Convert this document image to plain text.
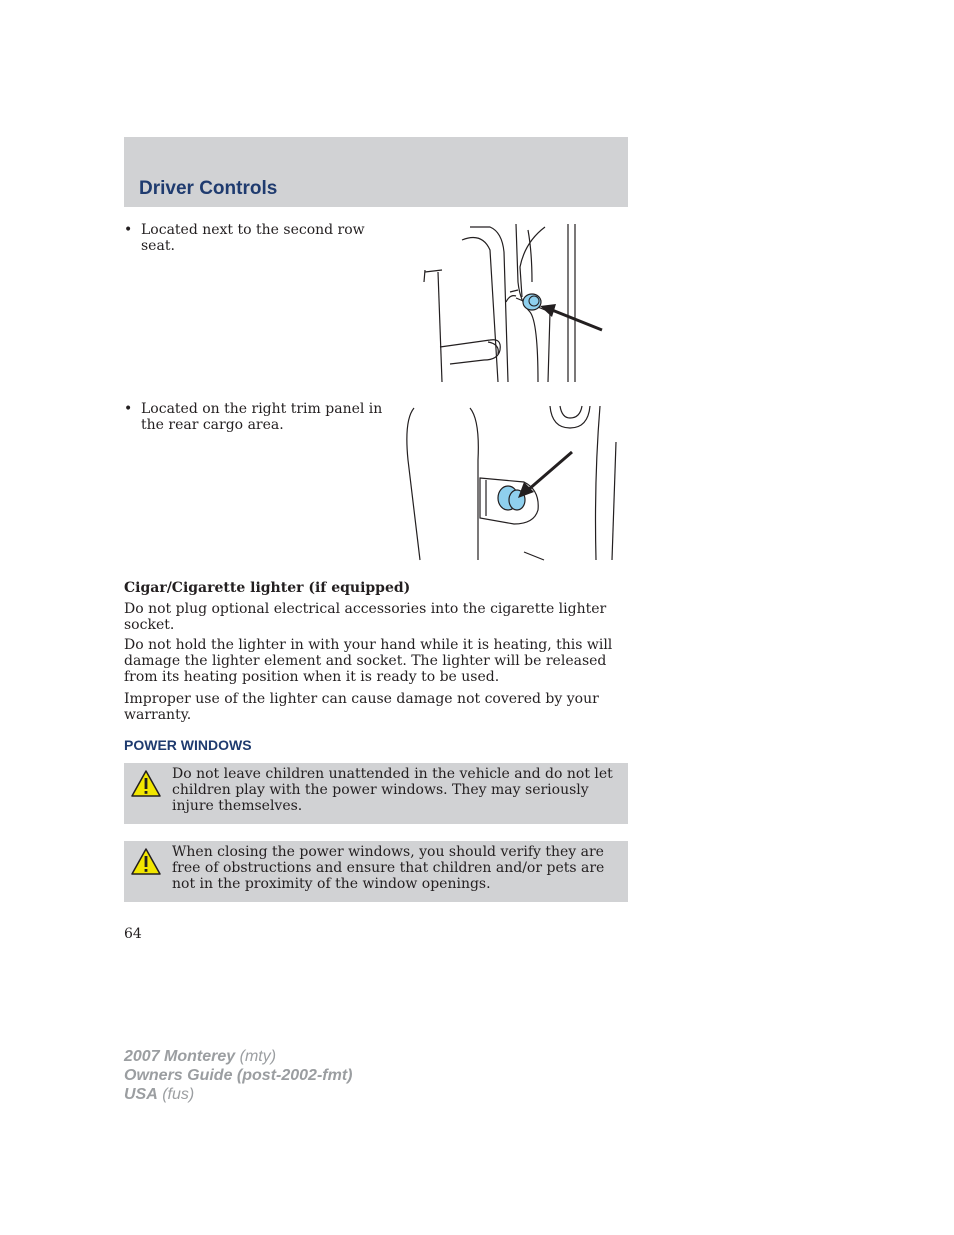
Driver Controls
• Located next to the second row seat.
• Located on the right trim panel in the rear cargo area.
Cigar/Cigarette lighter (if equipped)
Do not plug optional electrical accessories into the cigarette lighter socket.
Do not hold the lighter in with your hand while it is heating, this will damage the lighter element and socket. The lighter will be released from its heating position when it is ready to be used.
Improper use of the lighter can cause damage not covered by your warranty.
POWER WINDOWS
Do not leave children unattended in the vehicle and do not let children play with the power windows. They may seriously injure themselves.
When closing the power windows, you should verify they are free of obstructions and ensure that children and/or pets are not in the proximity of the window openings.
64
2007 Monterey (mty)
Owners Guide (post-2002-fmt)
USA (fus)
